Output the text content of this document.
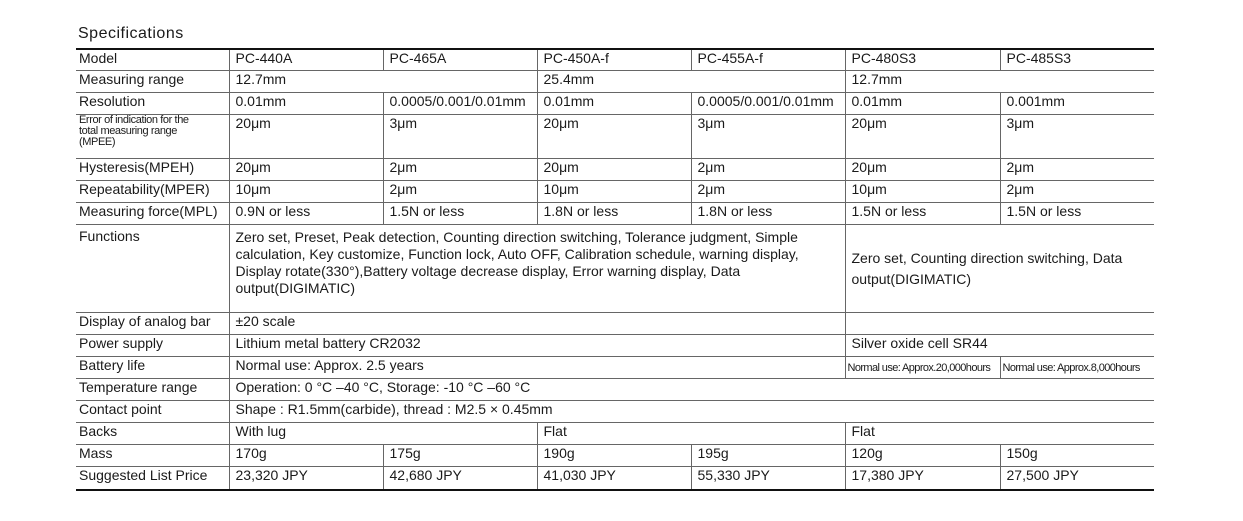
Specifications
Model	PC-440A	PC-465A	PC-450A-f	PC-455A-f	PC-480S3	PC-485S3
Measuring range	12.7mm		25.4mm		12.7mm	
Resolution	0.01mm	0.0005/0.001/0.01mm	0.01mm	0.0005/0.001/0.01mm	0.01mm	0.001mm

Error of indication for the
total measuring range
(MPEE)	20μm	3μm	20μm	3μm	20μm	3μm
Hysteresis(MPEH)	20μm	2μm	20μm	2μm	20μm	2μm
Repeatability(MPER)	10μm	2μm	10μm	2μm	10μm	2μm
Measuring force(MPL)	0.9N or less	1.5N or less	1.8N or less	1.8N or less	1.5N or less	1.5N or less
Functions	Zero set, Preset, Peak detection, Counting direction switching, Tolerance judgment, Simple calculation, Key customize, Function lock, Auto OFF, Calibration schedule, warning display, Display rotate(330°),Battery voltage decrease display, Error warning display, Data output(DIGIMATIC)				Zero set, Counting direction switching, Data output(DIGIMATIC)	
Display of analog bar	±20 scale					
Power supply	Lithium metal battery CR2032				Silver oxide cell SR44	
Battery life	Normal use: Approx. 2.5 years				Normal use: Approx.20,000hours	Normal use: Approx.8,000hours
Temperature range	Operation: 0 °C –40 °C, Storage: -10 °C –60 °C					
Contact point	Shape : R1.5mm(carbide), thread : M2.5 × 0.45mm					
Backs	With lug		Flat		Flat	
Mass	170g	175g	190g	195g	120g	150g
Suggested List Price	23,320 JPY	42,680 JPY	41,030 JPY	55,330 JPY	17,380 JPY	27,500 JPY
